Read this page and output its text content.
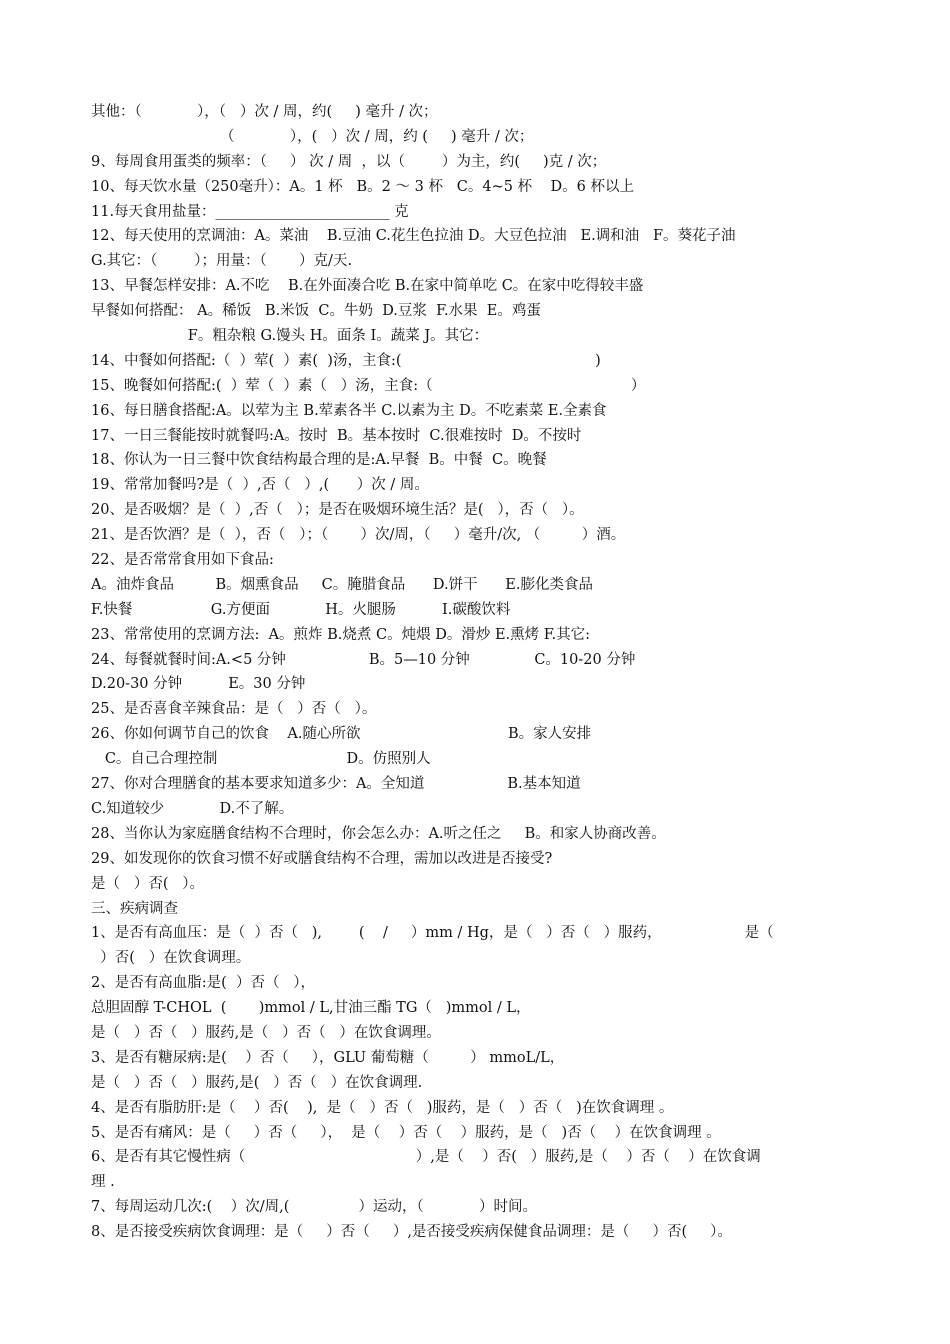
其他：（            ），（   ）次 / 周，约(     ) 毫升 / 次；
（            ），(   ）次 / 周，约 (     ) 毫升 / 次；
9、每周食用蛋类的频率：（     ） 次 / 周  ，以（        ）为主，约(     )克 / 次；
10、每天饮水量（250毫升）：A。1 杯   B。2 ～ 3 杯   C。4~5 杯    D。6 杯以上
11.每天食用盐量：________________________ 克
12、每天使用的烹调油：A。菜油    B.豆油 C.花生色拉油 D。大豆色拉油   E.调和油   F。葵花子油
G.其它：（        ）；用量：（       ）克/天.
13、早餐怎样安排：A.不吃    B.在外面凑合吃 B.在家中简单吃 C。在家中吃得较丰盛
早餐如何搭配： A。稀饭   B.米饭  C。牛奶  D.豆浆  F.水果  E。鸡蛋
F。粗杂粮 G.馒头 H。面条 I。蔬菜 J。其它：
14、中餐如何搭配:（  ）荤(  ）素(  )汤，主食:(                                          )
15、晚餐如何搭配:(  ）荤（  ）素（   ）汤，主食:（                                           ）
16、每日膳食搭配:A。以荤为主 B.荤素各半 C.以素为主 D。不吃素菜 E.全素食
17、一日三餐能按时就餐吗:A。按时  B。基本按时  C.很难按时  D。不按时
18、你认为一日三餐中饮食结构最合理的是:A.早餐  B。中餐  C。晚餐
19、常常加餐吗?是（  ）,否（   ）,(      ）次 / 周。
20、是否吸烟？是（  ）,否（   ）；是否在吸烟环境生活？是(   ），否（   ）。
21、是否饮酒？是（  ），否（   ）；（       ）次/周，（     ）毫升/次, （         ）酒。
22、是否常常食用如下食品:
A。油炸食品         B。烟熏食品     C。腌腊食品      D.饼干      E.膨化类食品
F.快餐                 G.方便面            H。火腿肠          I.碳酸饮料
23、常常使用的烹调方法:  A。煎炸 B.烧煮 C。炖煨 D。滑炒 E.熏烤 F.其它:
24、每餐就餐时间:A.<5 分钟                  B。5—10 分钟              C。10-20 分钟
D.20-30 分钟          E。30 分钟
25、是否喜食辛辣食品：是（   ）否（   ）。
26、你如何调节自己的饮食    A.随心所欲                                B。家人安排
C。自己合理控制                            D。仿照别人
27、你对合理膳食的基本要求知道多少：A。全知道                  B.基本知道
C.知道较少            D.不了解。
28、当你认为家庭膳食结构不合理时，你会怎么办：A.听之任之     B。和家人协商改善。
29、如发现你的饮食习惯不好或膳食结构不合理，需加以改进是否接受?
是（   ）否(   ）。
三、疾病调查
1、是否有高血压：是（  ）否（   ),        (    /     ）mm / Hg，是（   ）否（   ）服药，                  是（
）否(   ）在饮食调理。
2、是否有高血脂:是(  ）否（   ），
总胆固醇 T-CHOL  (       )mmol / L,甘油三酯 TG（   )mmol / L，
是（   ）否（   ）服药,是（   ）否（   ）在饮食调理。
3、是否有糖尿病:是(    ）否（     ），GLU 葡萄糖（         ） mmoL/L，
是（   ）否（   ）服药,是(   ）否（   ）在饮食调理.
4、是否有脂肪肝:是（    ）否(    ),  是（   ）否（   )服药，是（   ）否（   )在饮食调理 。
5、是否有痛风：是（     ）否（     ），  是（    ）否（    ）服药，是（   )否（    ）在饮食调理 。
6、是否有其它慢性病（                                     ）,是（    ）否(   ）服药,是（    ）否（    ）在饮食调
理 .
7、每周运动几次:(    ）次/周,(               ）运动，（            ）时间。
8、是否接受疾病饮食调理：是（     ）否（     ）,是否接受疾病保健食品调理：是（     ）否(     ）。
